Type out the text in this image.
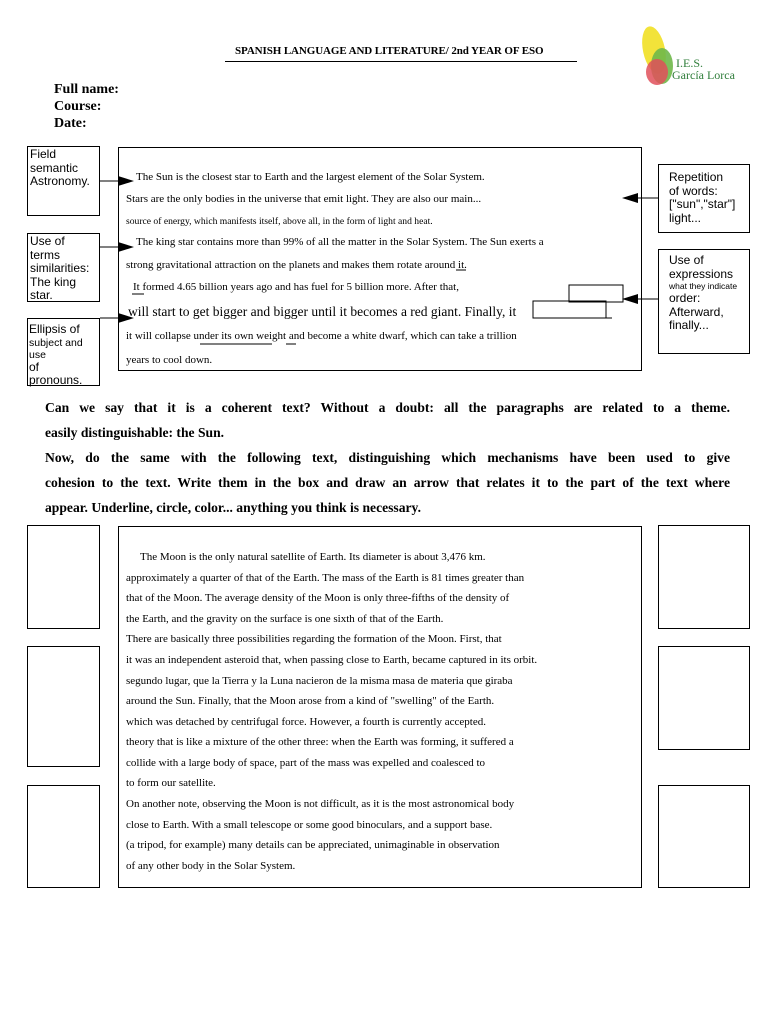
SPANISH LANGUAGE AND LITERATURE/ 2nd YEAR OF ESO
I.E.S.
García Lorca
Full name:
Course:
Date:
The Sun is the closest star to Earth and the largest element of the Solar System.
Stars are the only bodies in the universe that emit light. They are also our main...
source of energy, which manifests itself, above all, in the form of light and heat.
The king star contains more than 99% of all the matter in the Solar System. The Sun exerts a
strong gravitational attraction on the planets and makes them rotate around it.
It formed 4.65 billion years ago and has fuel for 5 billion more. After that,
will start to get bigger and bigger until it becomes a red giant. Finally, it
it will collapse under its own weight and become a white dwarf, which can take a trillion
years to cool down.
Field
semantic
Astronomy.
Use of
terms
similarities:
The king star.
Ellipsis of
subject and use
of
pronouns.
Repetition
of words:
["sun","star"]
light...
Use of
expressions
what they indicate
order:
Afterward,
finally...
Can we say that it is a coherent text? Without a doubt: all the paragraphs are related to a theme.
easily distinguishable: the Sun.
Now, do the same with the following text, distinguishing which mechanisms have been used to give
cohesion to the text. Write them in the box and draw an arrow that relates it to the part of the text where
appear. Underline, circle, color... anything you think is necessary.
The Moon is the only natural satellite of Earth. Its diameter is about 3,476 km.
approximately a quarter of that of the Earth. The mass of the Earth is 81 times greater than
that of the Moon. The average density of the Moon is only three-fifths of the density of
the Earth, and the gravity on the surface is one sixth of that of the Earth.
There are basically three possibilities regarding the formation of the Moon. First, that
it was an independent asteroid that, when passing close to Earth, became captured in its orbit.
segundo lugar, que la Tierra y la Luna nacieron de la misma masa de materia que giraba
around the Sun. Finally, that the Moon arose from a kind of "swelling" of the Earth.
which was detached by centrifugal force. However, a fourth is currently accepted.
theory that is like a mixture of the other three: when the Earth was forming, it suffered a
collide with a large body of space, part of the mass was expelled and coalesced to
to form our satellite.
On another note, observing the Moon is not difficult, as it is the most astronomical body
close to Earth. With a small telescope or some good binoculars, and a support base.
(a tripod, for example) many details can be appreciated, unimaginable in observation
of any other body in the Solar System.
